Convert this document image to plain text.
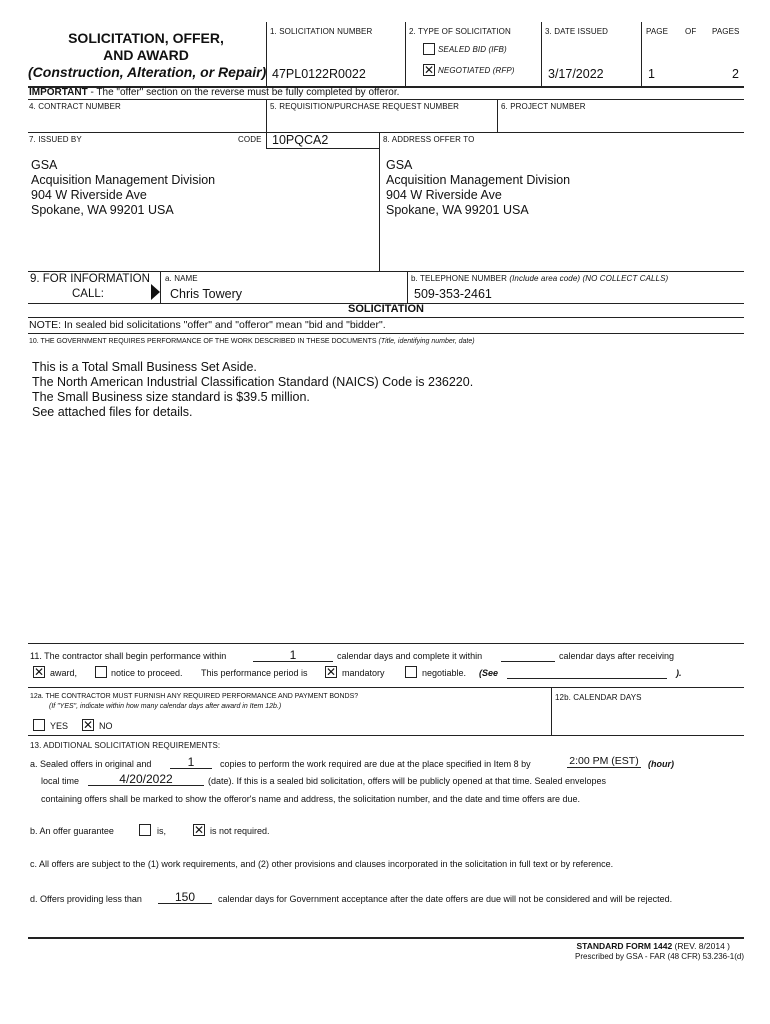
SOLICITATION, OFFER,
AND AWARD
(Construction, Alteration, or Repair)
1. SOLICITATION NUMBER
47PL0122R0022
2. TYPE OF SOLICITATION
SEALED BID (IFB)
✕ NEGOTIATED (RFP)
3. DATE ISSUED
3/17/2022
PAGE OF PAGES
1	2
IMPORTANT - The "offer" section on the reverse must be fully completed by offeror.
4. CONTRACT NUMBER	5. REQUISITION/PURCHASE REQUEST NUMBER	6. PROJECT NUMBER
7. ISSUED BY	CODE 10PQCA2	8. ADDRESS OFFER TO
GSA
Acquisition Management Division
904 W Riverside Ave
Spokane, WA 99201 USA
GSA
Acquisition Management Division
904 W Riverside Ave
Spokane, WA 99201 USA
9. FOR INFORMATION
CALL:
a. NAME
Chris Towery
b. TELEPHONE NUMBER (Include area code) (NO COLLECT CALLS)
509-353-2461
SOLICITATION
NOTE: In sealed bid solicitations "offer" and "offeror" mean "bid and "bidder".
10. THE GOVERNMENT REQUIRES PERFORMANCE OF THE WORK DESCRIBED IN THESE DOCUMENTS (Title, identifying number, date)
This is a Total Small Business Set Aside.
The North American Industrial Classification Standard (NAICS) Code is 236220.
The Small Business size standard is $39.5 million.
See attached files for details.
11. The contractor shall begin performance within	1	calendar days and complete it within	calendar days after receiving
✕ award,	notice to proceed. This performance period is ✕ mandatory	negotiable. (See	).
12a. THE CONTRACTOR MUST FURNISH ANY REQUIRED PERFORMANCE AND PAYMENT BONDS?
(If "YES", indicate within how many calendar days after award in Item 12b.)
12b. CALENDAR DAYS
YES ✕ NO
13. ADDITIONAL SOLICITATION REQUIREMENTS:
a. Sealed offers in original and	1	copies to perform the work required are due at the place specified in Item 8 by	2:00 PM (EST) (hour)
local time	4/20/2022	(date). If this is a sealed bid solicitation, offers will be publicly opened at that time. Sealed envelopes
containing offers shall be marked to show the offeror's name and address, the solicitation number, and the date and time offers are due.
b. An offer guarantee	is, ✕ is not required.
c. All offers are subject to the (1) work requirements, and (2) other provisions and clauses incorporated in the solicitation in full text or by reference.
d. Offers providing less than	150	calendar days for Government acceptance after the date offers are due will not be considered and will be rejected.
STANDARD FORM 1442 (REV. 8/2014 )
Prescribed by GSA - FAR (48 CFR) 53.236-1(d)
